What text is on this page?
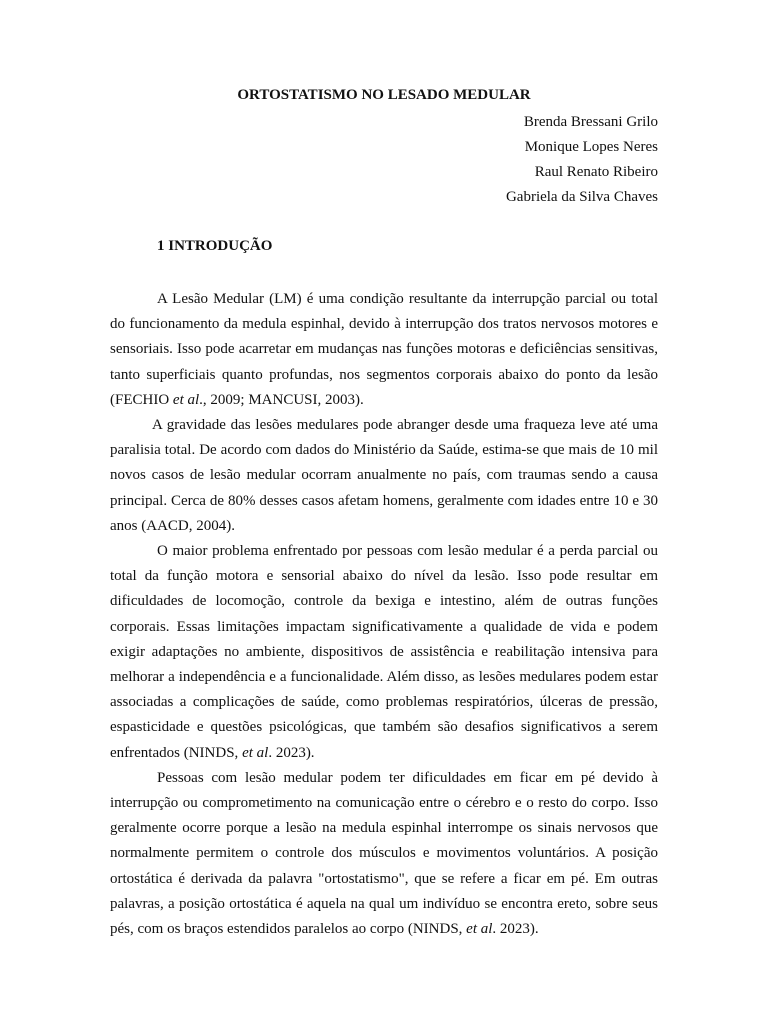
ORTOSTATISMO NO LESADO MEDULAR
Brenda Bressani Grilo
Monique Lopes Neres
Raul Renato Ribeiro
Gabriela da Silva Chaves
1 INTRODUÇÃO

A Lesão Medular (LM) é uma condição resultante da interrupção parcial ou total do funcionamento da medula espinhal, devido à interrupção dos tratos nervosos motores e sensoriais. Isso pode acarretar em mudanças nas funções motoras e deficiências sensitivas, tanto superficiais quanto profundas, nos segmentos corporais abaixo do ponto da lesão (FECHIO et al., 2009; MANCUSI, 2003).

A gravidade das lesões medulares pode abranger desde uma fraqueza leve até uma paralisia total. De acordo com dados do Ministério da Saúde, estima-se que mais de 10 mil novos casos de lesão medular ocorram anualmente no país, com traumas sendo a causa principal. Cerca de 80% desses casos afetam homens, geralmente com idades entre 10 e 30 anos (AACD, 2004).

O maior problema enfrentado por pessoas com lesão medular é a perda parcial ou total da função motora e sensorial abaixo do nível da lesão. Isso pode resultar em dificuldades de locomoção, controle da bexiga e intestino, além de outras funções corporais. Essas limitações impactam significativamente a qualidade de vida e podem exigir adaptações no ambiente, dispositivos de assistência e reabilitação intensiva para melhorar a independência e a funcionalidade. Além disso, as lesões medulares podem estar associadas a complicações de saúde, como problemas respiratórios, úlceras de pressão, espasticidade e questões psicológicas, que também são desafios significativos a serem enfrentados (NINDS, et al. 2023).

Pessoas com lesão medular podem ter dificuldades em ficar em pé devido à interrupção ou comprometimento na comunicação entre o cérebro e o resto do corpo. Isso geralmente ocorre porque a lesão na medula espinhal interrompe os sinais nervosos que normalmente permitem o controle dos músculos e movimentos voluntários. A posição ortostática é derivada da palavra "ortostatismo", que se refere a ficar em pé. Em outras palavras, a posição ortostática é aquela na qual um indivíduo se encontra ereto, sobre seus pés, com os braços estendidos paralelos ao corpo (NINDS, et al. 2023).
